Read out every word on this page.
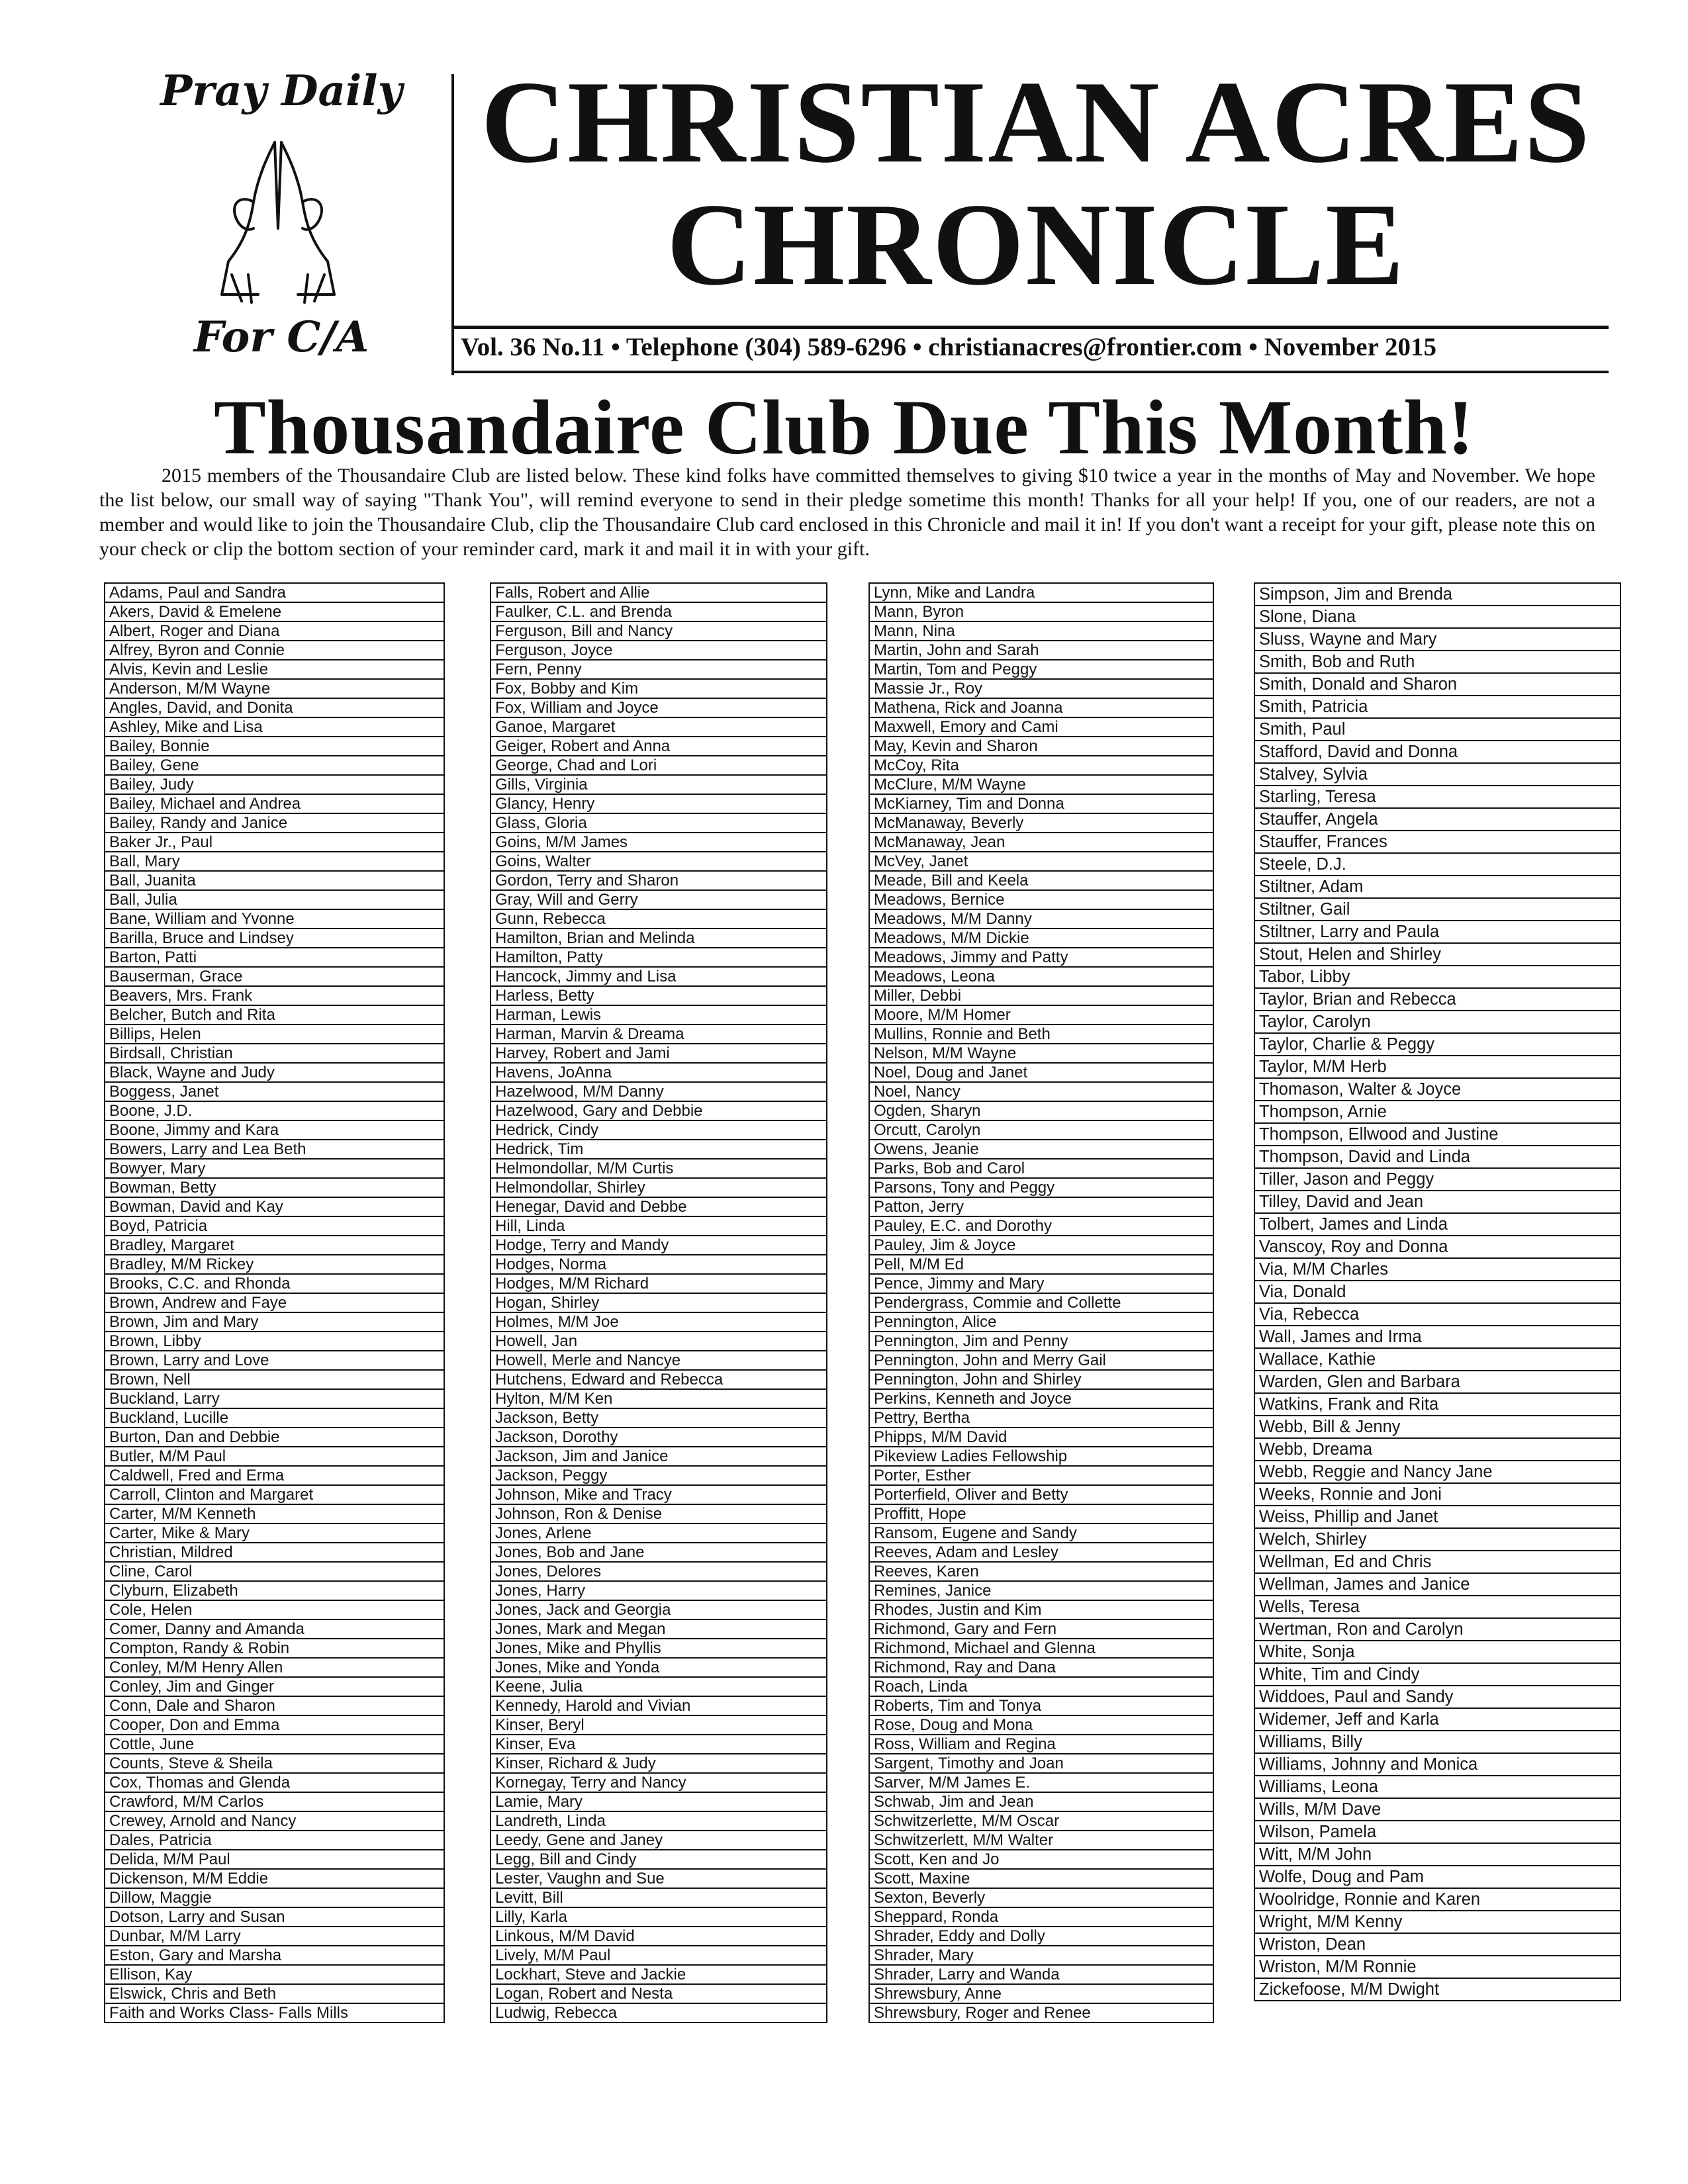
Pray Daily
For C/A
CHRISTIAN ACRES
CHRONICLE
Vol. 36 No.11 • Telephone (304) 589-6296 • christianacres@frontier.com • November 2015
Thousandaire Club Due This Month!
2015 members of the Thousandaire Club are listed below. These kind folks have committed themselves to giving $10 twice a year in the months of May and November. We hope the list below, our small way of saying "Thank You", will remind everyone to send in their pledge sometime this month! Thanks for all your help! If you, one of our readers, are not a member and would like to join the Thousandaire Club, clip the Thousandaire Club card enclosed in this Chronicle and mail it in! If you don't want a receipt for your gift, please note this on your check or clip the bottom section of your reminder card, mark it and mail it in with your gift.
Adams, Paul and Sandra
Akers, David & Emelene
Albert, Roger and Diana
Alfrey, Byron and Connie
Alvis, Kevin and Leslie
Anderson, M/M Wayne
Angles, David, and Donita
Ashley, Mike and Lisa
Bailey, Bonnie
Bailey, Gene
Bailey, Judy
Bailey, Michael and Andrea
Bailey, Randy and Janice
Baker Jr., Paul
Ball, Mary
Ball, Juanita
Ball, Julia
Bane, William and Yvonne
Barilla, Bruce and Lindsey
Barton, Patti
Bauserman, Grace
Beavers, Mrs. Frank
Belcher, Butch and Rita
Billips, Helen
Birdsall, Christian
Black, Wayne and Judy
Boggess, Janet
Boone, J.D.
Boone, Jimmy and Kara
Bowers, Larry and Lea Beth
Bowyer, Mary
Bowman, Betty
Bowman, David and Kay
Boyd, Patricia
Bradley, Margaret
Bradley, M/M Rickey
Brooks, C.C. and Rhonda
Brown, Andrew and Faye
Brown, Jim and Mary
Brown, Libby
Brown, Larry and Love
Brown, Nell
Buckland, Larry
Buckland, Lucille
Burton, Dan and Debbie
Butler, M/M Paul
Caldwell, Fred and Erma
Carroll, Clinton and Margaret
Carter, M/M Kenneth
Carter, Mike & Mary
Christian, Mildred
Cline, Carol
Clyburn, Elizabeth
Cole, Helen
Comer, Danny and Amanda
Compton, Randy & Robin
Conley, M/M Henry Allen
Conley, Jim and Ginger
Conn, Dale and Sharon
Cooper, Don and Emma
Cottle, June
Counts, Steve & Sheila
Cox, Thomas and Glenda
Crawford, M/M Carlos
Crewey, Arnold and Nancy
Dales, Patricia
Delida, M/M Paul
Dickenson, M/M Eddie
Dillow, Maggie
Dotson, Larry and Susan
Dunbar, M/M Larry
Eston, Gary and Marsha
Ellison, Kay
Elswick, Chris and Beth
Faith and Works Class- Falls Mills
Falls, Robert and Allie
Faulker, C.L. and Brenda
Ferguson, Bill and Nancy
Ferguson, Joyce
Fern, Penny
Fox, Bobby and Kim
Fox, William and Joyce
Ganoe, Margaret
Geiger, Robert and Anna
George, Chad and Lori
Gills, Virginia
Glancy, Henry
Glass, Gloria
Goins, M/M James
Goins, Walter
Gordon, Terry and Sharon
Gray, Will and Gerry
Gunn, Rebecca
Hamilton, Brian and Melinda
Hamilton, Patty
Hancock, Jimmy and Lisa
Harless, Betty
Harman, Lewis
Harman, Marvin & Dreama
Harvey, Robert and Jami
Havens, JoAnna
Hazelwood, M/M Danny
Hazelwood, Gary and Debbie
Hedrick, Cindy
Hedrick, Tim
Helmondollar, M/M Curtis
Helmondollar, Shirley
Henegar, David and Debbe
Hill, Linda
Hodge, Terry and Mandy
Hodges, Norma
Hodges, M/M Richard
Hogan, Shirley
Holmes, M/M Joe
Howell, Jan
Howell, Merle and Nancye
Hutchens, Edward and Rebecca
Hylton, M/M Ken
Jackson, Betty
Jackson, Dorothy
Jackson, Jim and Janice
Jackson, Peggy
Johnson, Mike and Tracy
Johnson, Ron & Denise
Jones, Arlene
Jones, Bob and Jane
Jones, Delores
Jones, Harry
Jones, Jack and Georgia
Jones, Mark and Megan
Jones, Mike and Phyllis
Jones, Mike and Yonda
Keene, Julia
Kennedy, Harold and Vivian
Kinser, Beryl
Kinser, Eva
Kinser, Richard & Judy
Kornegay, Terry and Nancy
Lamie, Mary
Landreth, Linda
Leedy, Gene and Janey
Legg, Bill and Cindy
Lester, Vaughn and Sue
Levitt, Bill
Lilly, Karla
Linkous, M/M David
Lively, M/M Paul
Lockhart, Steve and Jackie
Logan, Robert and Nesta
Ludwig, Rebecca
Lynn, Mike and Landra
Mann, Byron
Mann, Nina
Martin, John and Sarah
Martin, Tom and Peggy
Massie Jr., Roy
Mathena, Rick and Joanna
Maxwell, Emory and Cami
May, Kevin and Sharon
McCoy, Rita
McClure, M/M Wayne
McKiarney, Tim and Donna
McManaway, Beverly
McManaway, Jean
McVey, Janet
Meade, Bill and Keela
Meadows, Bernice
Meadows, M/M Danny
Meadows, M/M Dickie
Meadows, Jimmy and Patty
Meadows, Leona
Miller, Debbi
Moore, M/M Homer
Mullins, Ronnie and Beth
Nelson, M/M Wayne
Noel, Doug and Janet
Noel, Nancy
Ogden, Sharyn
Orcutt, Carolyn
Owens, Jeanie
Parks, Bob and Carol
Parsons, Tony and Peggy
Patton, Jerry
Pauley, E.C. and Dorothy
Pauley, Jim & Joyce
Pell, M/M Ed
Pence, Jimmy and Mary
Pendergrass, Commie and Collette
Pennington, Alice
Pennington, Jim and Penny
Pennington, John and Merry Gail
Pennington, John and Shirley
Perkins, Kenneth and Joyce
Pettry, Bertha
Phipps, M/M David
Pikeview Ladies Fellowship
Porter, Esther
Porterfield, Oliver and Betty
Proffitt, Hope
Ransom, Eugene and Sandy
Reeves, Adam and Lesley
Reeves, Karen
Remines, Janice
Rhodes, Justin and Kim
Richmond, Gary and Fern
Richmond, Michael and Glenna
Richmond, Ray and Dana
Roach, Linda
Roberts, Tim and Tonya
Rose, Doug and Mona
Ross, William and Regina
Sargent, Timothy and Joan
Sarver, M/M James E.
Schwab, Jim and Jean
Schwitzerlette, M/M Oscar
Schwitzerlett, M/M Walter
Scott, Ken and Jo
Scott, Maxine
Sexton, Beverly
Sheppard, Ronda
Shrader, Eddy and Dolly
Shrader, Mary
Shrader, Larry and Wanda
Shrewsbury, Anne
Shrewsbury, Roger and Renee
Simpson, Jim and Brenda
Slone, Diana
Sluss, Wayne and Mary
Smith, Bob and Ruth
Smith, Donald and Sharon
Smith, Patricia
Smith, Paul
Stafford, David and Donna
Stalvey, Sylvia
Starling, Teresa
Stauffer, Angela
Stauffer, Frances
Steele, D.J.
Stiltner, Adam
Stiltner, Gail
Stiltner, Larry and Paula
Stout, Helen and Shirley
Tabor, Libby
Taylor, Brian and Rebecca
Taylor, Carolyn
Taylor, Charlie & Peggy
Taylor, M/M Herb
Thomason, Walter & Joyce
Thompson, Arnie
Thompson, Ellwood and Justine
Thompson, David and Linda
Tiller, Jason and Peggy
Tilley, David and Jean
Tolbert, James and Linda
Vanscoy, Roy and Donna
Via, M/M Charles
Via, Donald
Via, Rebecca
Wall, James and Irma
Wallace, Kathie
Warden, Glen and Barbara
Watkins, Frank and Rita
Webb, Bill & Jenny
Webb, Dreama
Webb, Reggie and Nancy Jane
Weeks, Ronnie and Joni
Weiss, Phillip and Janet
Welch, Shirley
Wellman, Ed and Chris
Wellman, James and Janice
Wells, Teresa
Wertman, Ron and Carolyn
White, Sonja
White, Tim and Cindy
Widdoes, Paul and Sandy
Widemer, Jeff and Karla
Williams, Billy
Williams, Johnny and Monica
Williams, Leona
Wills, M/M Dave
Wilson, Pamela
Witt, M/M John
Wolfe, Doug and Pam
Woolridge, Ronnie and Karen
Wright, M/M Kenny
Wriston, Dean
Wriston, M/M Ronnie
Zickefoose, M/M Dwight
